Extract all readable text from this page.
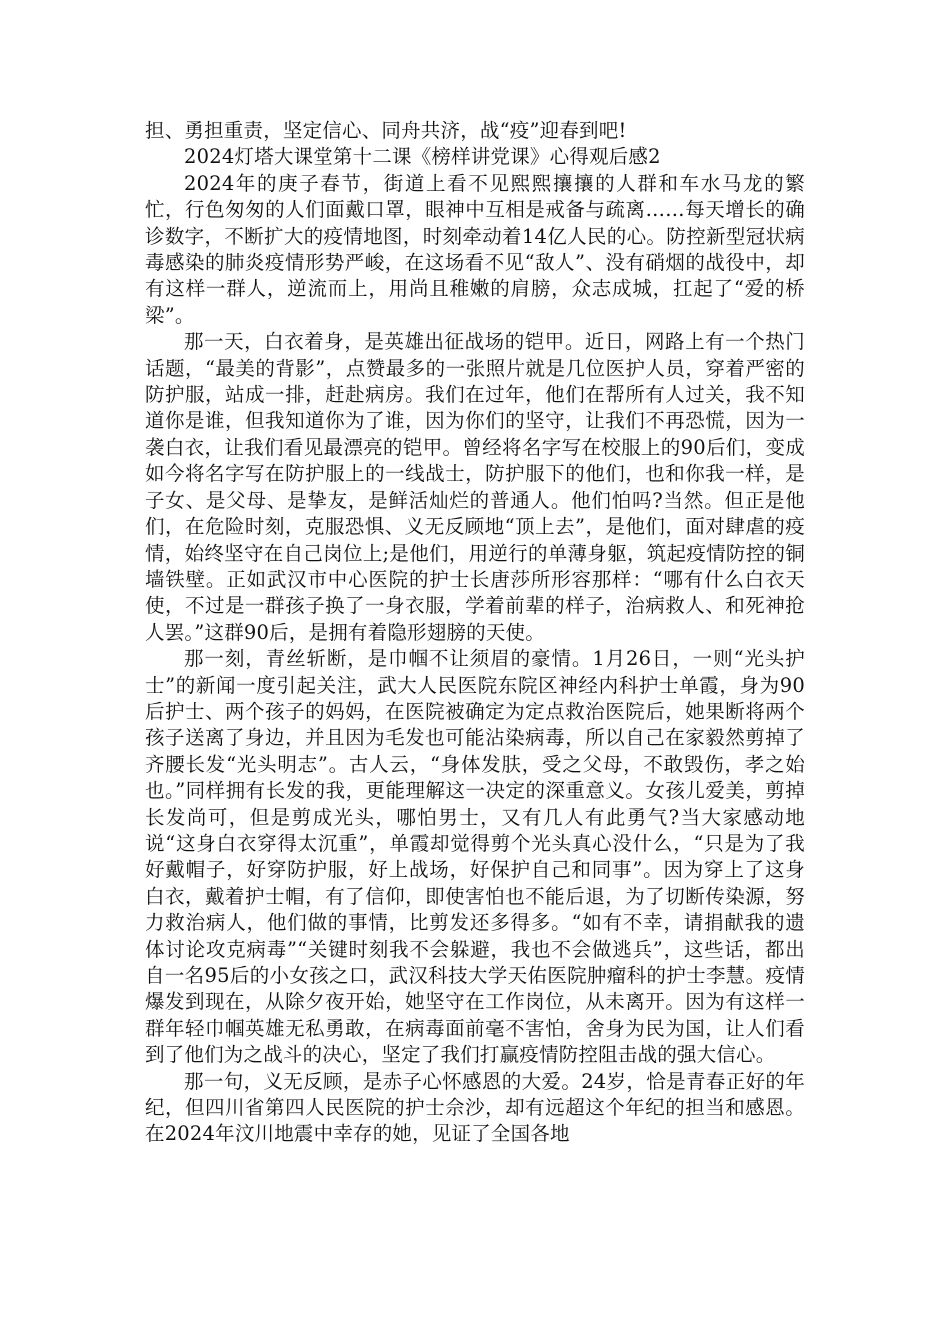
担、勇担重责，坚定信心、同舟共济，战“疫”迎春到吧!

2024灯塔大课堂第十二课《榜样讲党课》心得观后感2

2024年的庚子春节，街道上看不见熙熙攘攘的人群和车水马龙的繁忙，行色匆匆的人们面戴口罩，眼神中互相是戒备与疏离……每天增长的确诊数字，不断扩大的疫情地图，时刻牵动着14亿人民的心。防控新型冠状病毒感染的肺炎疫情形势严峻，在这场看不见“敌人”、没有硝烟的战役中，却有这样一群人，逆流而上，用尚且稚嫩的肩膀，众志成城，扛起了“爱的桥梁”。

那一天，白衣着身，是英雄出征战场的铠甲。近日，网路上有一个热门话题，“最美的背影”，点赞最多的一张照片就是几位医护人员，穿着严密的防护服，站成一排，赶赴病房。我们在过年，他们在帮所有人过关，我不知道你是谁，但我知道你为了谁，因为你们的坚守，让我们不再恐慌，因为一袭白衣，让我们看见最漂亮的铠甲。曾经将名字写在校服上的90后们，变成如今将名字写在防护服上的一线战士，防护服下的他们，也和你我一样，是子女、是父母、是挚友，是鲜活灿烂的普通人。他们怕吗?当然。但正是他们，在危险时刻，克服恐惧、义无反顾地“顶上去”，是他们，面对肆虐的疫情，始终坚守在自己岗位上;是他们，用逆行的单薄身躯，筑起疫情防控的铜墙铁壁。正如武汉市中心医院的护士长唐莎所形容那样：“哪有什么白衣天使，不过是一群孩子换了一身衣服，学着前辈的样子，治病救人、和死神抢人罢。”这群90后，是拥有着隐形翅膀的天使。

那一刻，青丝斩断，是巾帼不让须眉的豪情。1月26日，一则“光头护士”的新闻一度引起关注，武大人民医院东院区神经内科护士单霞，身为90后护士、两个孩子的妈妈，在医院被确定为定点救治医院后，她果断将两个孩子送离了身边，并且因为毛发也可能沾染病毒，所以自己在家毅然剪掉了齐腰长发“光头明志”。古人云，“身体发肤，受之父母，不敢毁伤，孝之始也。”同样拥有长发的我，更能理解这一决定的深重意义。女孩儿爱美，剪掉长发尚可，但是剪成光头，哪怕男士，又有几人有此勇气?当大家感动地说“这身白衣穿得太沉重”，单霞却觉得剪个光头真心没什么，“只是为了我好戴帽子，好穿防护服，好上战场，好保护自己和同事”。因为穿上了这身白衣，戴着护士帽，有了信仰，即使害怕也不能后退，为了切断传染源，努力救治病人，他们做的事情，比剪发还多得多。“如有不幸，请捐献我的遗体讨论攻克病毒”“关键时刻我不会躲避，我也不会做逃兵”，这些话，都出自一名95后的小女孩之口，武汉科技大学天佑医院肿瘤科的护士李慧。疫情爆发到现在，从除夕夜开始，她坚守在工作岗位，从未离开。因为有这样一群年轻巾帼英雄无私勇敢，在病毒面前毫不害怕，舍身为民为国，让人们看到了他们为之战斗的决心，坚定了我们打赢疫情防控阻击战的强大信心。

那一句，义无反顾，是赤子心怀感恩的大爱。24岁，恰是青春正好的年纪，但四川省第四人民医院的护士佘沙，却有远超这个年纪的担当和感恩。在2024年汶川地震中幸存的她，见证了全国各地
